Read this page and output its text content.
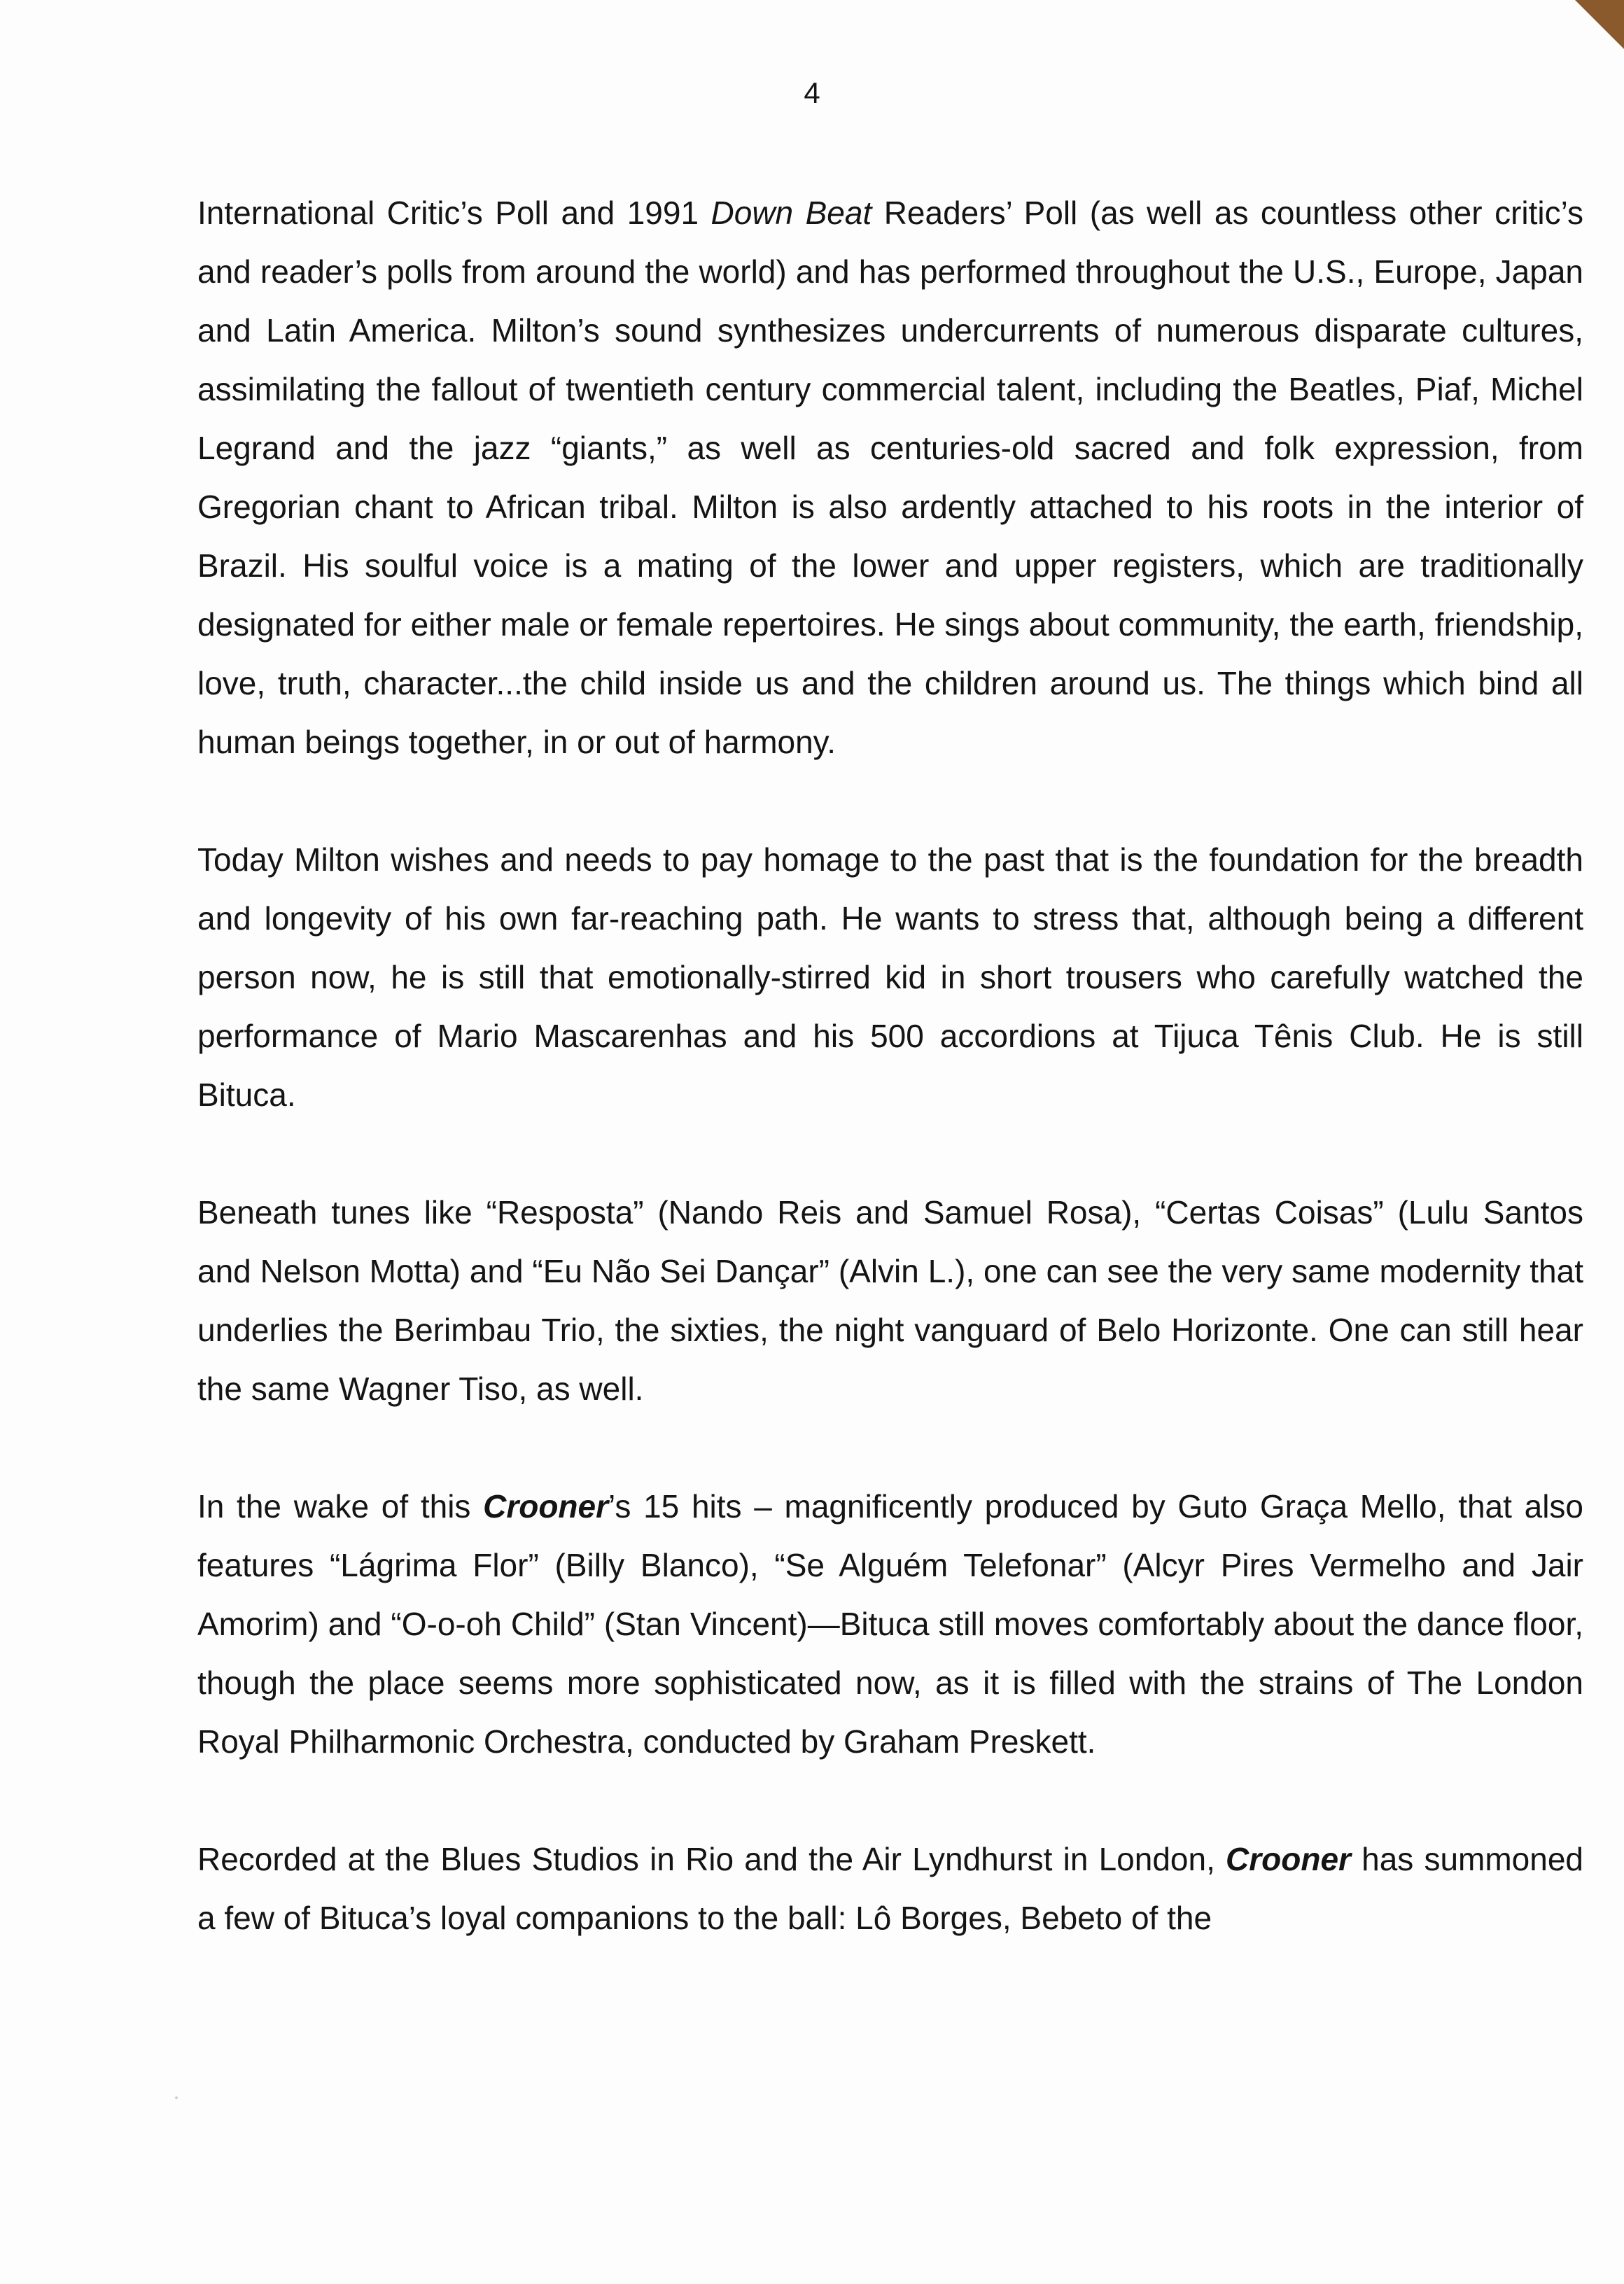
4

International Critic’s Poll and 1991 Down Beat Readers’ Poll (as well as countless other critic’s and reader’s polls from around the world) and has performed throughout the U.S., Europe, Japan and Latin America. Milton’s sound synthesizes undercurrents of numerous disparate cultures, assimilating the fallout of twentieth century commercial talent, including the Beatles, Piaf, Michel Legrand and the jazz “giants,” as well as centuries-old sacred and folk expression, from Gregorian chant to African tribal. Milton is also ardently attached to his roots in the interior of Brazil. His soulful voice is a mating of the lower and upper registers, which are traditionally designated for either male or female repertoires. He sings about community, the earth, friendship, love, truth, character...the child inside us and the children around us. The things which bind all human beings together, in or out of harmony.

Today Milton wishes and needs to pay homage to the past that is the foundation for the breadth and longevity of his own far-reaching path. He wants to stress that, although being a different person now, he is still that emotionally-stirred kid in short trousers who carefully watched the performance of Mario Mascarenhas and his 500 accordions at Tijuca Tênis Club. He is still Bituca.

Beneath tunes like “Resposta” (Nando Reis and Samuel Rosa), “Certas Coisas” (Lulu Santos and Nelson Motta) and “Eu Não Sei Dançar” (Alvin L.), one can see the very same modernity that underlies the Berimbau Trio, the sixties, the night vanguard of Belo Horizonte. One can still hear the same Wagner Tiso, as well.

In the wake of this Crooner’s 15 hits – magnificently produced by Guto Graça Mello, that also features “Lágrima Flor” (Billy Blanco), “Se Alguém Telefonar” (Alcyr Pires Vermelho and Jair Amorim) and “O-o-oh Child” (Stan Vincent)—Bituca still moves comfortably about the dance floor, though the place seems more sophisticated now, as it is filled with the strains of The London Royal Philharmonic Orchestra, conducted by Graham Preskett.

Recorded at the Blues Studios in Rio and the Air Lyndhurst in London, Crooner has summoned a few of Bituca’s loyal companions to the ball: Lô Borges, Bebeto of the
